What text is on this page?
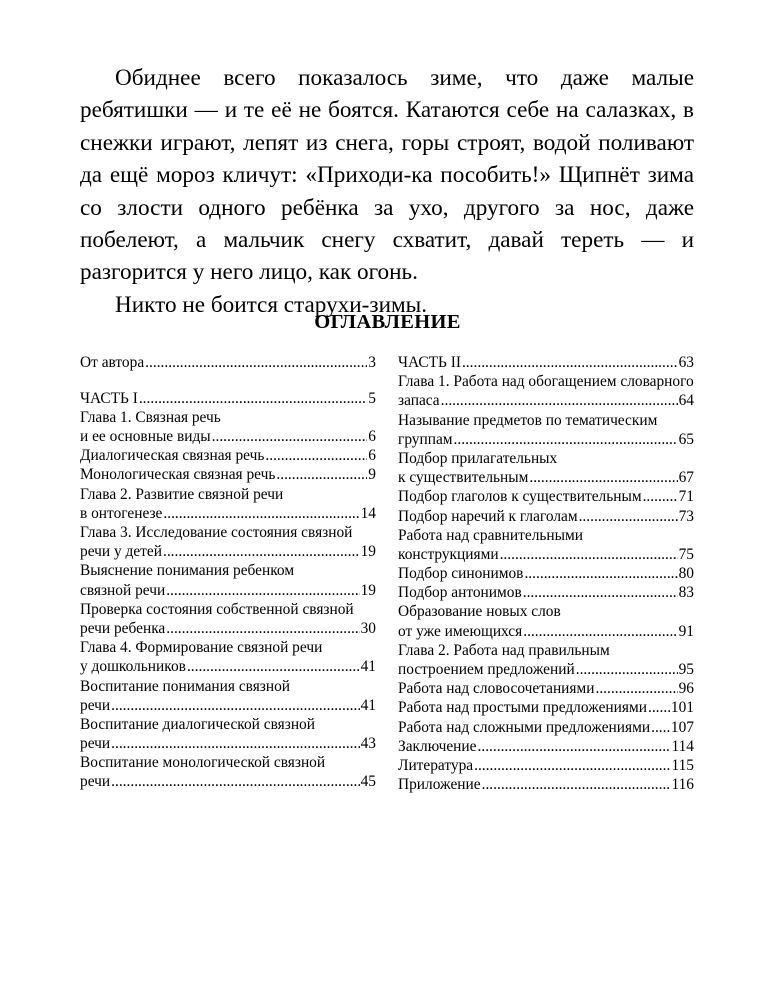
Обиднее всего показалось зиме, что даже малые ребятишки — и те её не боятся. Катаются себе на салазках, в снежки играют, лепят из снега, горы строят, водой поливают да ещё мороз кличут: «Приходи-ка пособить!» Щипнёт зима со злости одного ребёнка за ухо, другого за нос, даже побелеют, а мальчик снегу схватит, давай тереть — и разгорится у него лицо, как огонь.

Никто не боится старухи-зимы.

ОГЛАВЛЕНИЕ
От автора .....	3
ЧАСТЬ I .....	5
Глава 1. Связная речь
и ее основные виды .....	6
Диалогическая связная речь .....	6
Монологическая связная речь .....	9
Глава 2. Развитие связной речи
в онтогенезе .....	14
Глава 3. Исследование состояния связной
речи у детей .....	19
Выяснение понимания ребенком
связной речи .....	19
Проверка состояния собственной связной
речи ребенка .....	30
Глава 4. Формирование связной речи
у дошкольников .....	41
Воспитание понимания связной
речи .....	41
Воспитание диалогической связной
речи .....	43
Воспитание монологической связной
речи .....	45
ЧАСТЬ II .....	63
Глава 1. Работа над обогащением словарного
запаса .....	64
Называние предметов по тематическим
группам .....	65
Подбор прилагательных
к существительным .....	67
Подбор глаголов к существительным ..... 71
Подбор наречий к глаголам .....	73
Работа над сравнительными
конструкциями .....	75
Подбор синонимов .....	80
Подбор антонимов .....	83
Образование новых слов
от уже имеющихся .....	91
Глава 2. Работа над правильным
построением предложений .....	95
Работа над словосочетаниями .....	96
Работа над простыми предложениями ..... 101
Работа над сложными предложениями ..... 107
Заключение .....	114
Литература .....	115
Приложение .....	116
